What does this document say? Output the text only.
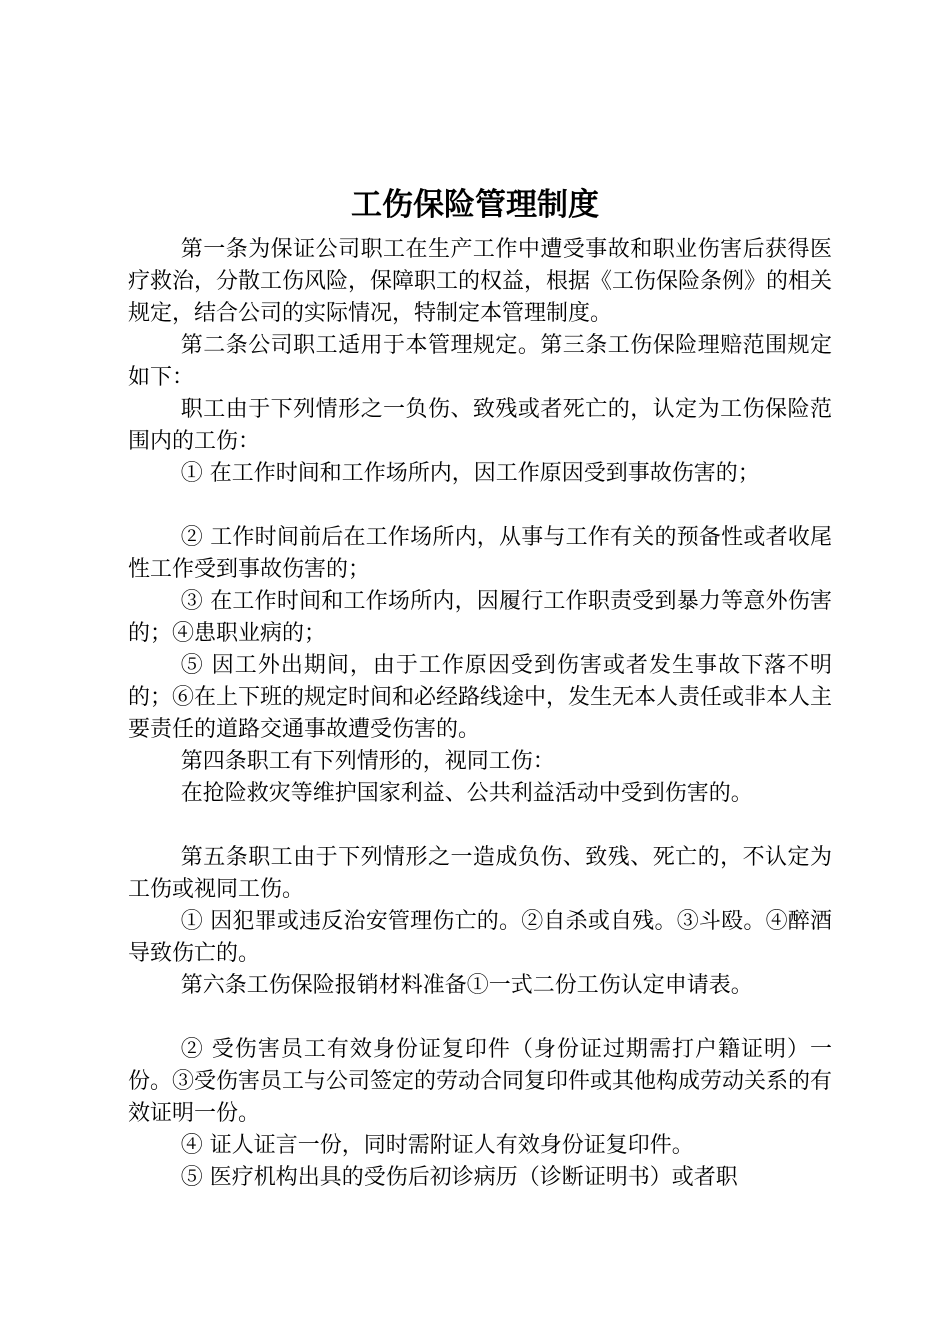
工伤保险管理制度

第一条为保证公司职工在生产工作中遭受事故和职业伤害后获得医疗救治，分散工伤风险，保障职工的权益，根据《工伤保险条例》的相关规定，结合公司的实际情况，特制定本管理制度。

第二条公司职工适用于本管理规定。第三条工伤保险理赔范围规定如下：

职工由于下列情形之一负伤、致残或者死亡的，认定为工伤保险范围内的工伤：

① 在工作时间和工作场所内，因工作原因受到事故伤害的；

② 工作时间前后在工作场所内，从事与工作有关的预备性或者收尾性工作受到事故伤害的；

③ 在工作时间和工作场所内，因履行工作职责受到暴力等意外伤害的；④患职业病的；

⑤ 因工外出期间，由于工作原因受到伤害或者发生事故下落不明的；⑥在上下班的规定时间和必经路线途中，发生无本人责任或非本人主要责任的道路交通事故遭受伤害的。

第四条职工有下列情形的，视同工伤：

在抢险救灾等维护国家利益、公共利益活动中受到伤害的。

第五条职工由于下列情形之一造成负伤、致残、死亡的，不认定为工伤或视同工伤。

① 因犯罪或违反治安管理伤亡的。②自杀或自残。③斗殴。④醉酒导致伤亡的。

第六条工伤保险报销材料准备①一式二份工伤认定申请表。

② 受伤害员工有效身份证复印件（身份证过期需打户籍证明）一份。③受伤害员工与公司签定的劳动合同复印件或其他构成劳动关系的有效证明一份。

④ 证人证言一份，同时需附证人有效身份证复印件。

⑤ 医疗机构出具的受伤后初诊病历（诊断证明书）或者职
